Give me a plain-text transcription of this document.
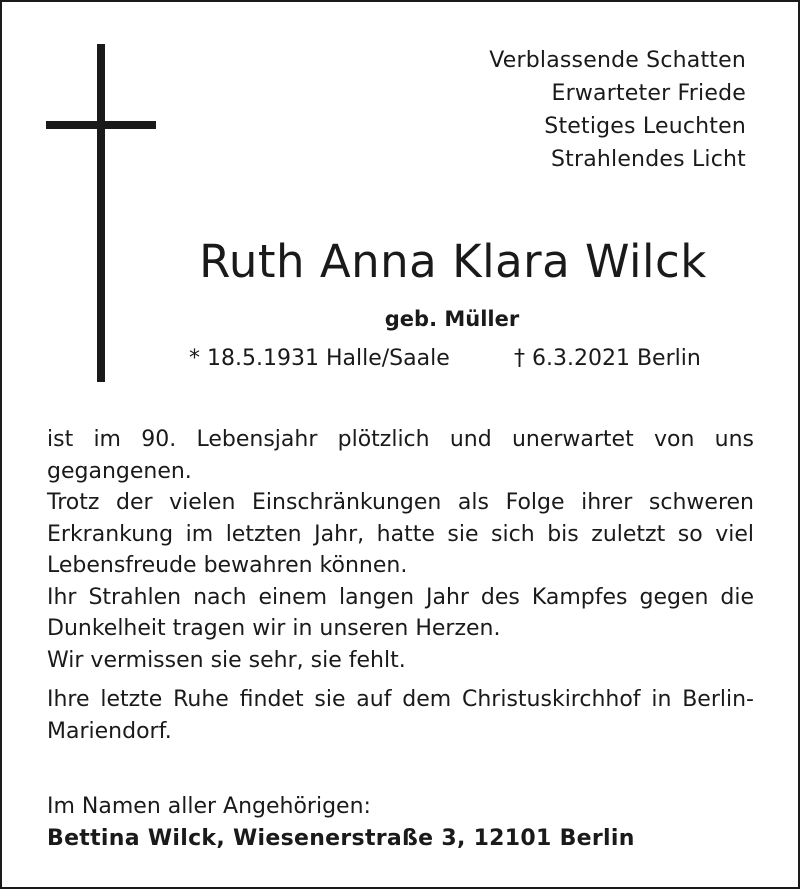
Verblassende Schatten
Erwarteter Friede
Stetiges Leuchten
Strahlendes Licht
Ruth Anna Klara Wilck
geb. Müller
* 18.5.1931 Halle/Saale	† 6.3.2021 Berlin

ist im 90. Lebensjahr plötzlich und unerwartet von uns gegangenen.

Trotz der vielen Einschränkungen als Folge ihrer schweren Erkrankung im letzten Jahr, hatte sie sich bis zuletzt so viel Lebensfreude bewahren können.

Ihr Strahlen nach einem langen Jahr des Kampfes gegen die Dunkelheit tragen wir in unseren Herzen.

Wir vermissen sie sehr, sie fehlt.

Ihre letzte Ruhe findet sie auf dem Christuskirchhof in Berlin-Mariendorf.

Im Namen aller Angehörigen:

Bettina Wilck, Wiesenerstraße 3, 12101 Berlin
